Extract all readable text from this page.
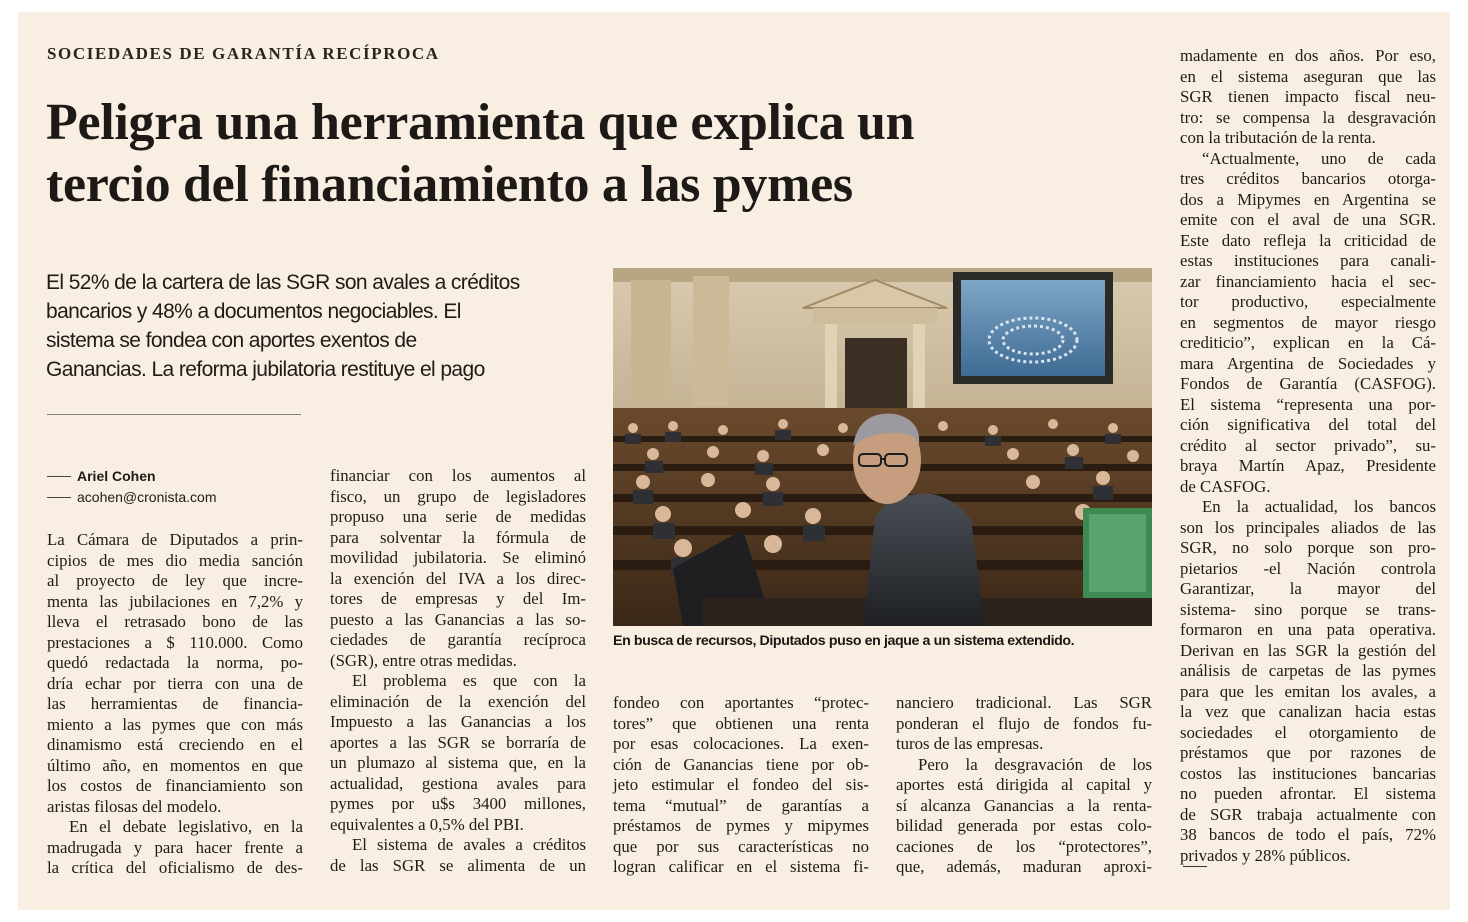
SOCIEDADES DE GARANTÍA RECÍPROCA
Peligra una herramienta que explica un
tercio del financiamiento a las pymes
El 52% de la cartera de las SGR son avales a créditos
bancarios y 48% a documentos negociables. El
sistema se fondea con aportes exentos de
Ganancias. La reforma jubilatoria restituye el pago
Ariel Cohen
acohen@cronista.com
En busca de recursos, Diputados puso en jaque a un sistema extendido.
La Cámara de Diputados a prin-
cipios de mes dio media sanción
al proyecto de ley que incre-
menta las jubilaciones en 7,2% y
lleva el retrasado bono de las
prestaciones a $ 110.000. Como
quedó redactada la norma, po-
dría echar por tierra con una de
las herramientas de financia-
miento a las pymes que con más
dinamismo está creciendo en el
último año, en momentos en que
los costos de financiamiento son
aristas filosas del modelo.
En el debate legislativo, en la
madrugada y para hacer frente a
la crítica del oficialismo de des-
financiar con los aumentos al
fisco, un grupo de legisladores
propuso una serie de medidas
para solventar la fórmula de
movilidad jubilatoria. Se eliminó
la exención del IVA a los direc-
tores de empresas y del Im-
puesto a las Ganancias a las so-
ciedades de garantía recíproca
(SGR), entre otras medidas.
El problema es que con la
eliminación de la exención del
Impuesto a las Ganancias a los
aportes a las SGR se borraría de
un plumazo al sistema que, en la
actualidad, gestiona avales para
pymes por u$s 3400 millones,
equivalentes a 0,5% del PBI.
El sistema de avales a créditos
de las SGR se alimenta de un
fondeo con aportantes “protec-
tores” que obtienen una renta
por esas colocaciones. La exen-
ción de Ganancias tiene por ob-
jeto estimular el fondeo del sis-
tema “mutual” de garantías a
préstamos de pymes y mipymes
que por sus características no
logran calificar en el sistema fi-
nanciero tradicional. Las SGR
ponderan el flujo de fondos fu-
turos de las empresas.
Pero la desgravación de los
aportes está dirigida al capital y
sí alcanza Ganancias a la renta-
bilidad generada por estas colo-
caciones de los “protectores”,
que, además, maduran aproxi-
madamente en dos años. Por eso,
en el sistema aseguran que las
SGR tienen impacto fiscal neu-
tro: se compensa la desgravación
con la tributación de la renta.
“Actualmente, uno de cada
tres créditos bancarios otorga-
dos a Mipymes en Argentina se
emite con el aval de una SGR.
Este dato refleja la criticidad de
estas instituciones para canali-
zar financiamiento hacia el sec-
tor productivo, especialmente
en segmentos de mayor riesgo
crediticio”, explican en la Cá-
mara Argentina de Sociedades y
Fondos de Garantía (CASFOG).
El sistema “representa una por-
ción significativa del total del
crédito al sector privado”, su-
braya Martín Apaz, Presidente
de CASFOG.
En la actualidad, los bancos
son los principales aliados de las
SGR, no solo porque son pro-
pietarios -el Nación controla
Garantizar, la mayor del
sistema- sino porque se trans-
formaron en una pata operativa.
Derivan en las SGR la gestión del
análisis de carpetas de las pymes
para que les emitan los avales, a
la vez que canalizan hacia estas
sociedades el otorgamiento de
préstamos que por razones de
costos las instituciones bancarias
no pueden afrontar. El sistema
de SGR trabaja actualmente con
38 bancos de todo el país, 72%
privados y 28% públicos.
